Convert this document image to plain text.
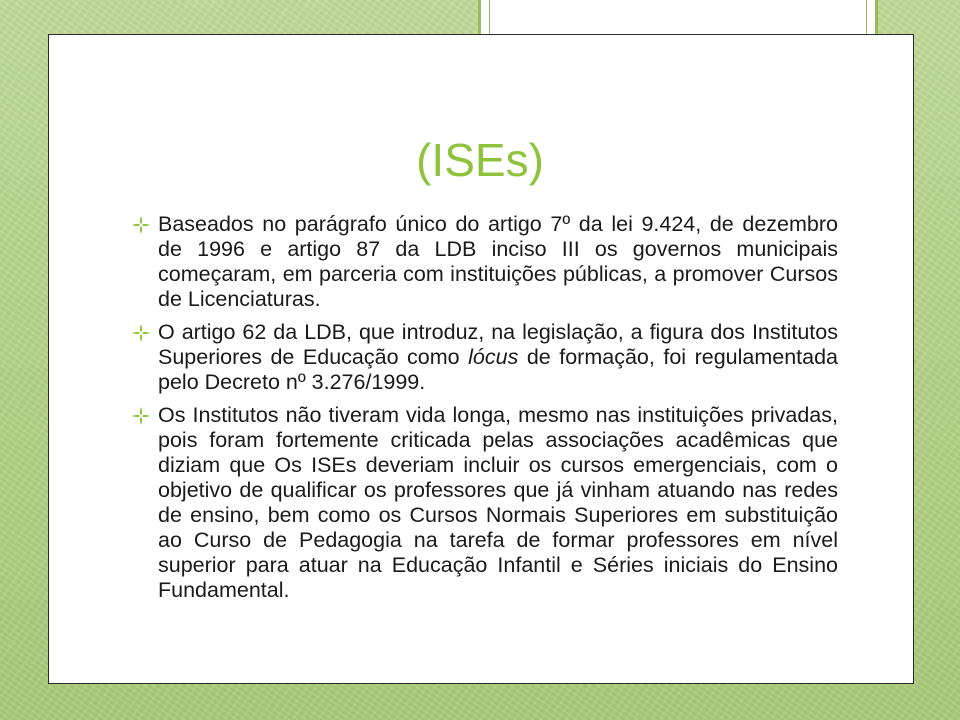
(ISEs)
Baseados no parágrafo único do artigo 7º da lei 9.424, de dezembro de 1996 e artigo 87 da LDB inciso III os governos municipais começaram, em parceria com instituições públicas, a promover Cursos de Licenciaturas.
O artigo 62 da LDB, que introduz, na legislação, a figura dos Institutos Superiores de Educação como lócus de formação, foi regulamentada pelo Decreto nº 3.276/1999.
Os Institutos não tiveram vida longa, mesmo nas instituições privadas, pois foram fortemente criticada pelas associações acadêmicas que diziam que Os ISEs deveriam incluir os cursos emergenciais, com o objetivo de qualificar os professores que já vinham atuando nas redes de ensino, bem como os Cursos Normais Superiores em substituição ao Curso de Pedagogia na tarefa de formar professores em nível superior para atuar na Educação Infantil e Séries iniciais do Ensino Fundamental.
